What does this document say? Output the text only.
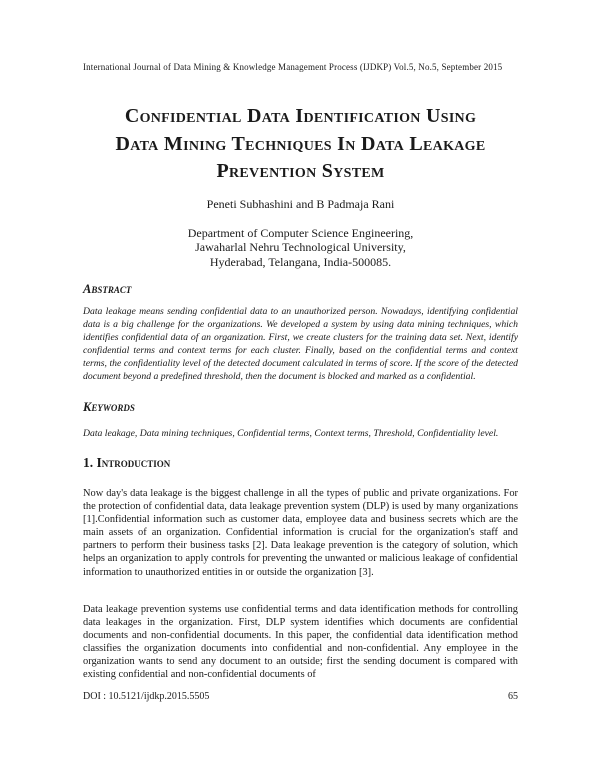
International Journal of Data Mining & Knowledge Management Process (IJDKP) Vol.5, No.5, September 2015
Confidential Data Identification Using
Data Mining Techniques In Data Leakage
Prevention System
Peneti Subhashini and B Padmaja Rani
Department of Computer Science Engineering,
Jawaharlal Nehru Technological University,
Hyderabad, Telangana, India-500085.
Abstract
Data leakage means sending confidential data to an unauthorized person. Nowadays, identifying confidential data is a big challenge for the organizations. We developed a system by using data mining techniques, which identifies confidential data of an organization. First, we create clusters for the training data set. Next, identify confidential terms and context terms for each cluster. Finally, based on the confidential terms and context terms, the confidentiality level of the detected document calculated in terms of score. If the score of the detected document beyond a predefined threshold, then the document is blocked and marked as a confidential.
Keywords
Data leakage, Data mining techniques, Confidential terms, Context terms, Threshold, Confidentiality level.
1. Introduction
Now day's data leakage is the biggest challenge in all the types of public and private organizations. For the protection of confidential data, data leakage prevention system (DLP) is used by many organizations [1].Confidential information such as customer data, employee data and business secrets which are the main assets of an organization. Confidential information is crucial for the organization's staff and partners to perform their business tasks [2]. Data leakage prevention is the category of solution, which helps an organization to apply controls for preventing the unwanted or malicious leakage of confidential information to unauthorized entities in or outside the organization [3].
Data leakage prevention systems use confidential terms and data identification methods for controlling data leakages in the organization. First, DLP system identifies which documents are confidential documents and non-confidential documents. In this paper, the confidential data identification method classifies the organization documents into confidential and non-confidential. Any employee in the organization wants to send any document to an outside; first the sending document is compared with existing confidential and non-confidential documents of
DOI : 10.5121/ijdkp.2015.5505	65
